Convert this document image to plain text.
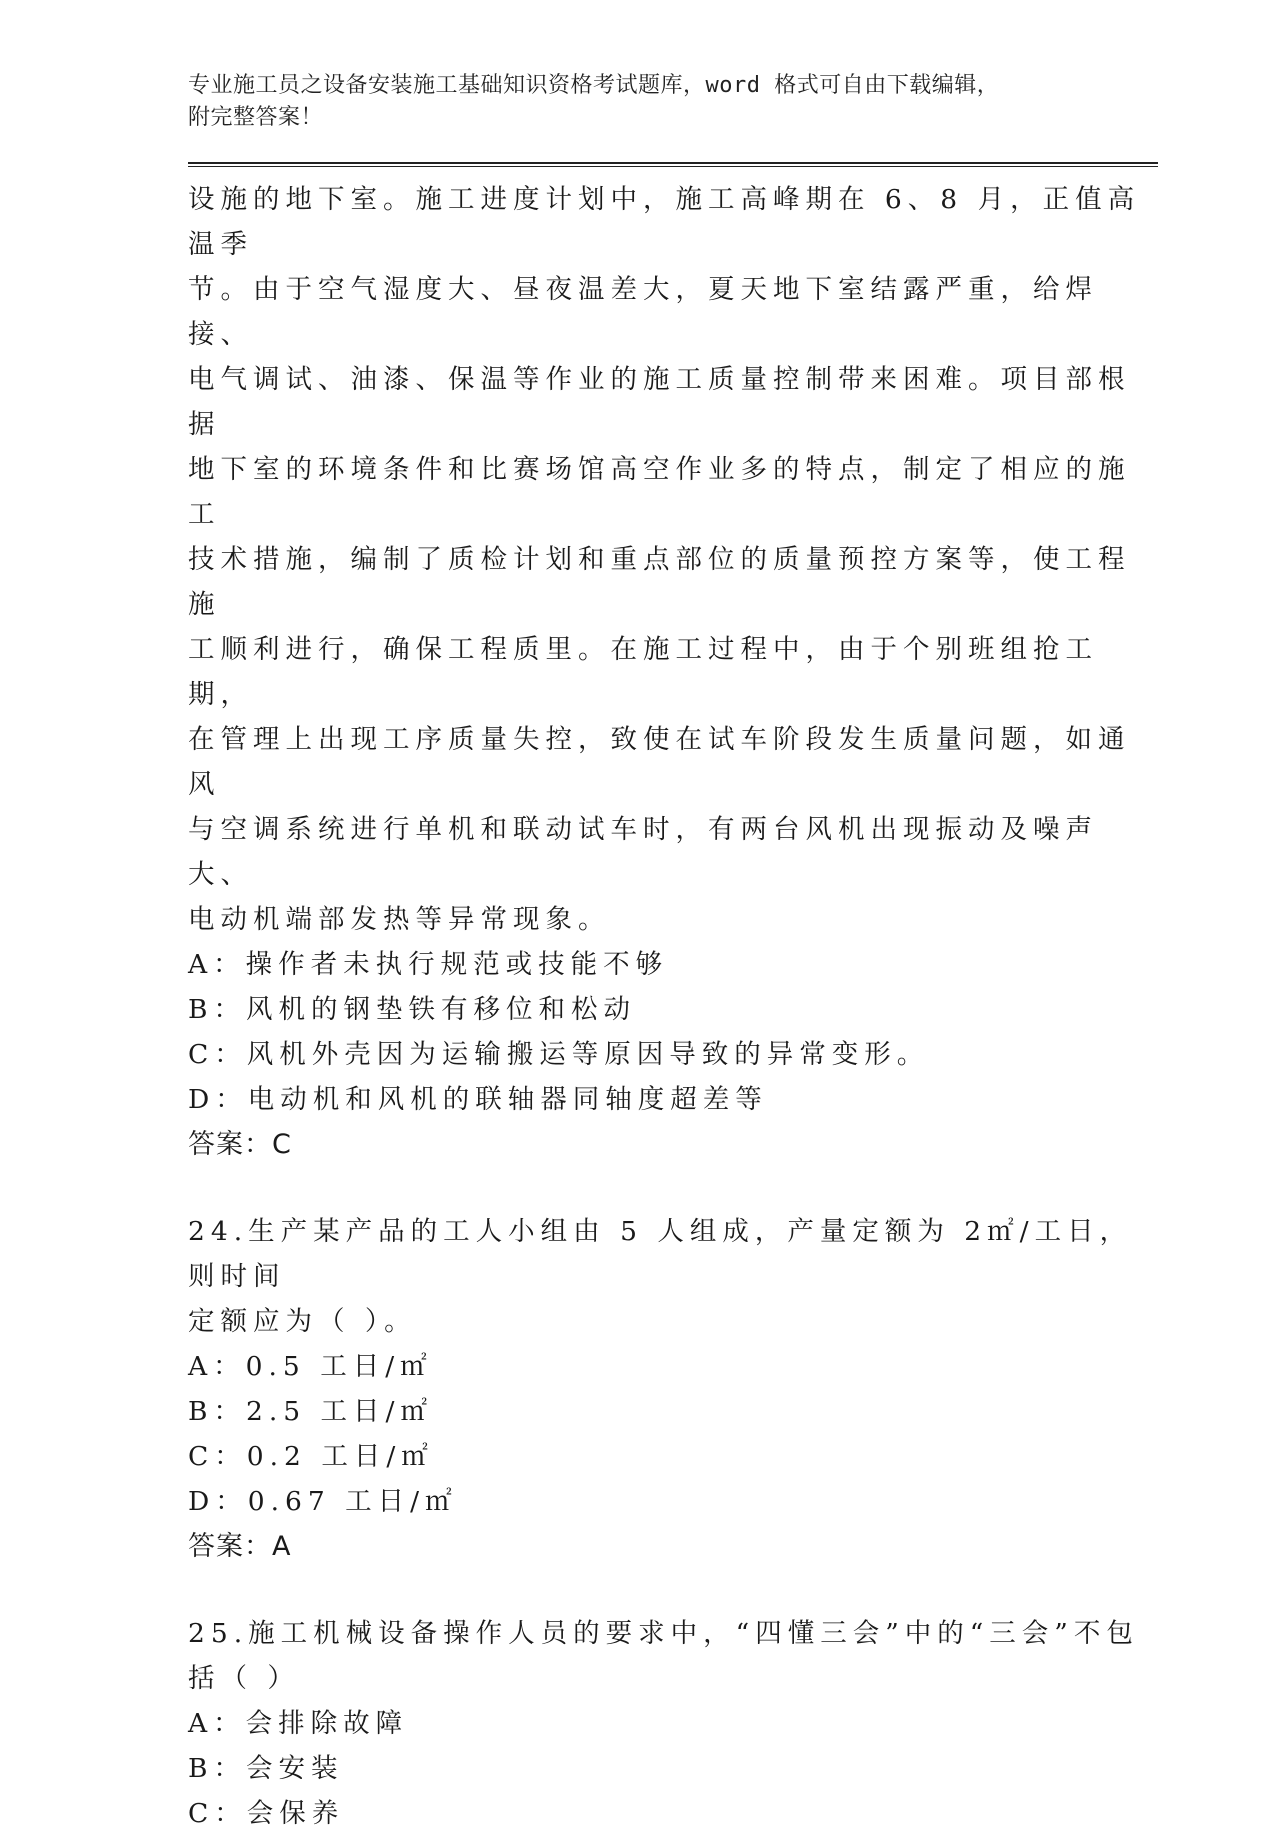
专业施工员之设备安装施工基础知识资格考试题库，word 格式可自由下载编辑，
附完整答案！

设施的地下室。施工进度计划中，施工高峰期在 6、8 月，正值高温季

节。由于空气湿度大、昼夜温差大，夏天地下室结露严重，给焊接、

电气调试、油漆、保温等作业的施工质量控制带来困难。项目部根据

地下室的环境条件和比赛场馆高空作业多的特点，制定了相应的施工

技术措施，编制了质检计划和重点部位的质量预控方案等，使工程施

工顺利进行，确保工程质里。在施工过程中，由于个别班组抢工期，

在管理上出现工序质量失控，致使在试车阶段发生质量问题，如通风

与空调系统进行单机和联动试车时，有两台风机出现振动及噪声大、

电动机端部发热等异常现象。

A：操作者未执行规范或技能不够

B：风机的钢垫铁有移位和松动

C：风机外壳因为运输搬运等原因导致的异常变形。

D：电动机和风机的联轴器同轴度超差等

答案：C

24.生产某产品的工人小组由 5 人组成，产量定额为 2㎡/工日，则时间

定额应为（ ）。

A：0.5 工日/㎡

B：2.5 工日/㎡

C：0.2 工日/㎡

D：0.67 工日/㎡

答案：A

25.施工机械设备操作人员的要求中，“四懂三会”中的“三会”不包

括（ ）

A：会排除故障

B：会安装

C：会保养
